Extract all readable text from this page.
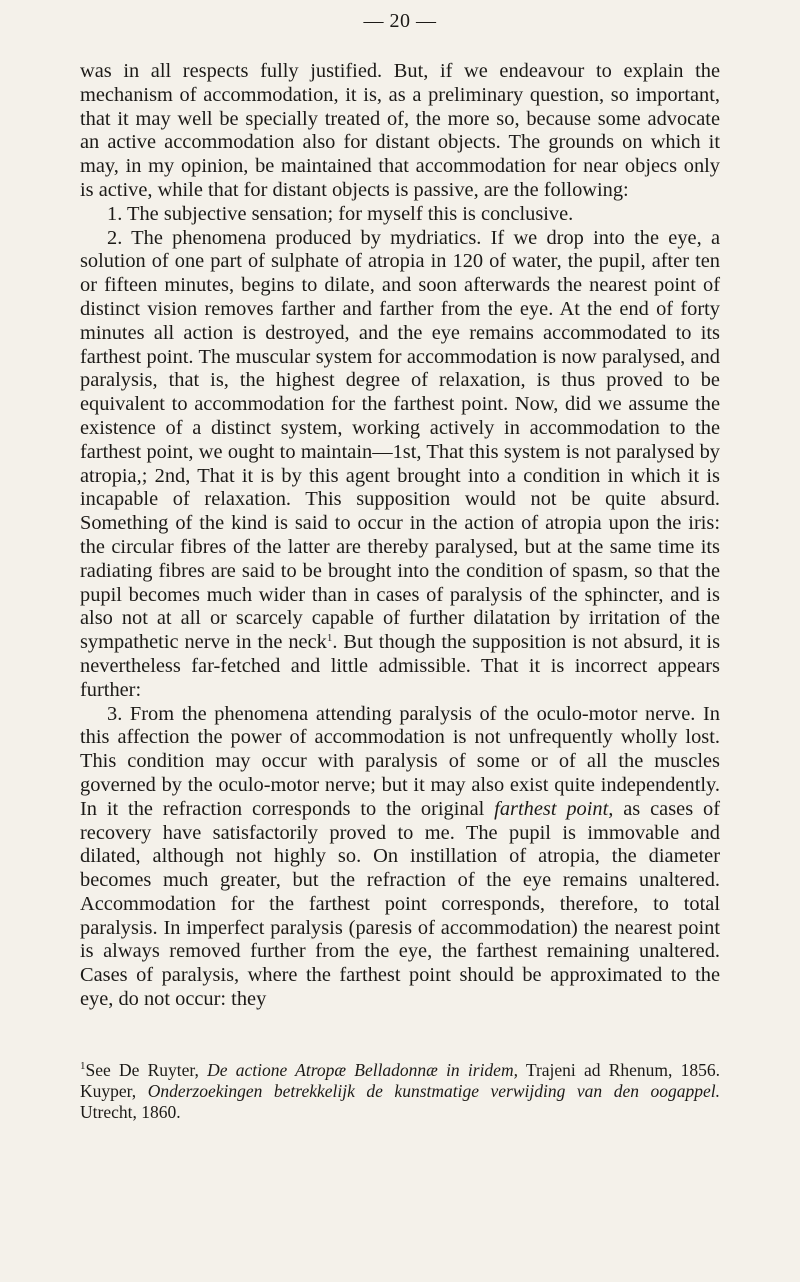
— 20 —

was in all respects fully justified. But, if we endeavour to explain the mechanism of accommodation, it is, as a preliminary question, so important, that it may well be specially treated of, the more so, because some advocate an active accommodation also for distant objects. The grounds on which it may, in my opinion, be maintained that accommodation for near objecs only is active, while that for distant objects is passive, are the following:

1. The subjective sensation; for myself this is conclusive.

2. The phenomena produced by mydriatics. If we drop into the eye, a solution of one part of sulphate of atropia in 120 of water, the pupil, after ten or fifteen minutes, begins to dilate, and soon afterwards the nearest point of distinct vision removes farther and farther from the eye. At the end of forty minutes all action is destroyed, and the eye remains accommodated to its farthest point. The muscular system for accommodation is now paralysed, and paralysis, that is, the highest degree of relaxation, is thus proved to be equivalent to accommodation for the farthest point. Now, did we assume the existence of a distinct system, working actively in accommodation to the farthest point, we ought to maintain—1st, That this system is not paralysed by atropia,; 2nd, That it is by this agent brought into a condition in which it is incapable of relaxation. This supposition would not be quite absurd. Something of the kind is said to occur in the action of atropia upon the iris: the circular fibres of the latter are thereby paralysed, but at the same time its radiating fibres are said to be brought into the condition of spasm, so that the pupil becomes much wider than in cases of paralysis of the sphincter, and is also not at all or scarcely capable of further dilatation by irritation of the sympathetic nerve in the neck$^1$. But though the supposition is not absurd, it is nevertheless far-fetched and little admissible. That it is incorrect appears further:

3. From the phenomena attending paralysis of the oculo-motor nerve. In this affection the power of accommodation is not unfrequently wholly lost. This condition may occur with paralysis of some or of all the muscles governed by the oculo-motor nerve; but it may also exist quite independently. In it the refraction corresponds to the original farthest point, as cases of recovery have satisfactorily proved to me. The pupil is immovable and dilated, although not highly so. On instillation of atropia, the diameter becomes much greater, but the refraction of the eye remains unaltered. Accommodation for the farthest point corresponds, therefore, to total paralysis. In imperfect paralysis (paresis of accommodation) the nearest point is always removed further from the eye, the farthest remaining unaltered. Cases of paralysis, where the farthest point should be approximated to the eye, do not occur: they

$^1$See De Ruyter, De actione Atropæ Belladonnæ in iridem, Trajeni ad Rhenum, 1856. Kuyper, Onderzoekingen betrekkelijk de kunstmatige verwijding van den oogappel. Utrecht, 1860.
